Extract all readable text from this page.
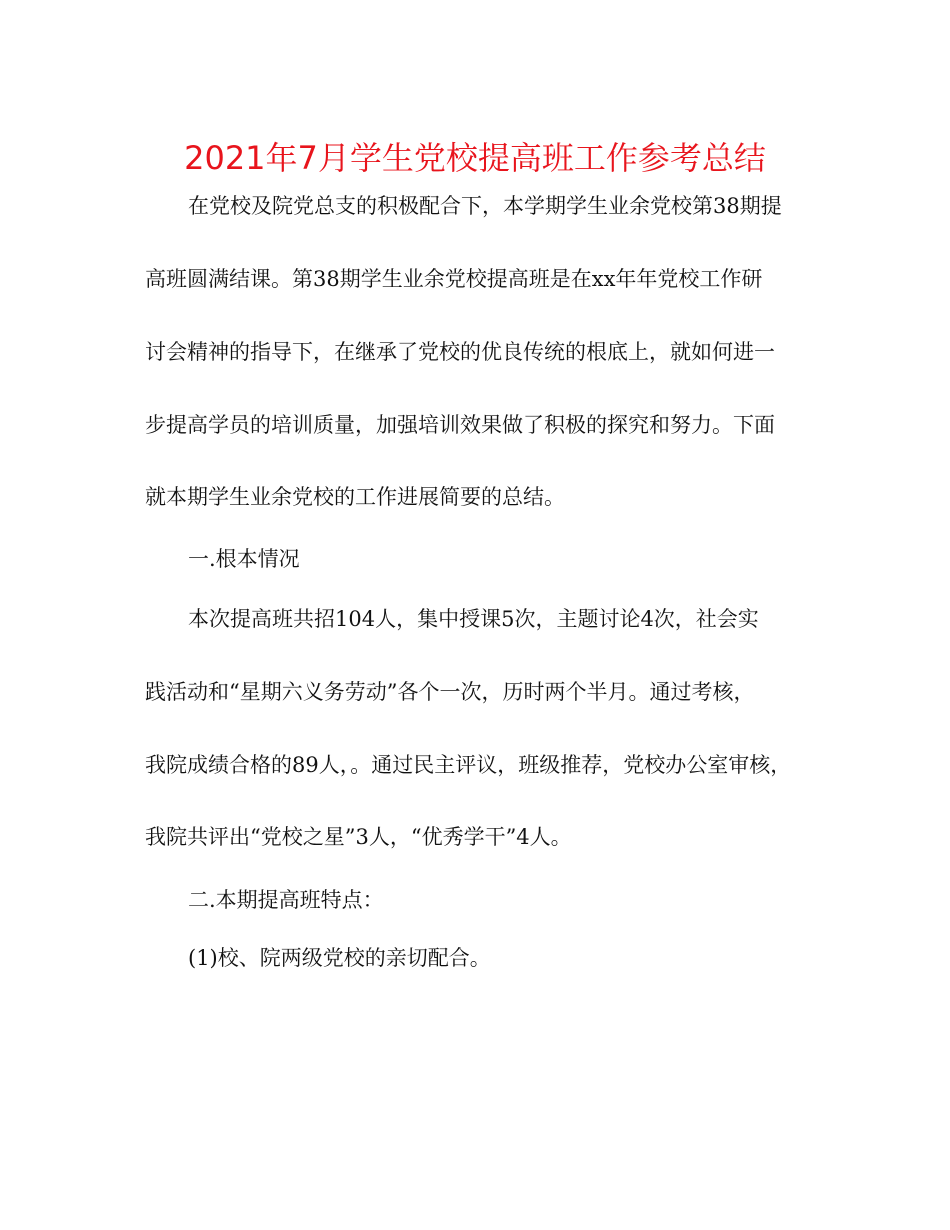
2021年7月学生党校提高班工作参考总结
在党校及院党总支的积极配合下，本学期学生业余党校第38期提
高班圆满结课。第38期学生业余党校提高班是在xx年年党校工作研
讨会精神的指导下，在继承了党校的优良传统的根底上，就如何进一
步提高学员的培训质量，加强培训效果做了积极的探究和努力。下面
就本期学生业余党校的工作进展简要的总结。
一.根本情况
本次提高班共招104人，集中授课5次，主题讨论4次，社会实
践活动和“星期六义务劳动”各个一次，历时两个半月。通过考核，
我院成绩合格的89人，。通过民主评议，班级推荐，党校办公室审核，
我院共评出“党校之星”3人，“优秀学干”4人。
二.本期提高班特点：
(1)校、院两级党校的亲切配合。
